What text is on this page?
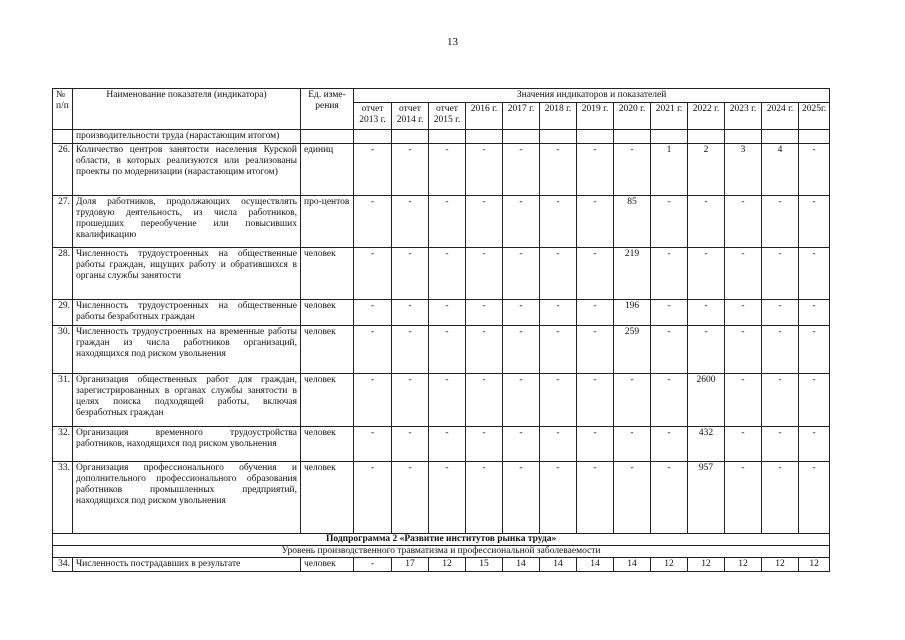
13
№ п/п	Наименование показателя (индикатора)	Ед. изме-рения	Значения индикаторов и показателей												
			отчет 2013 г.	отчет 2014 г.	отчет 2015 г.	2016 г.	2017 г.	2018 г.	2019 г.	2020 г.	2021 г.	2022 г.	2023 г.	2024 г.	2025г.
	производительности труда (нарастающим итогом)														
26.	Количество центров занятости населения Курской области, в которых реализуются или реализованы проекты по модернизации (нарастающим итогом)	единиц	-	-	-	-	-	-	-	-	1	2	3	4	-
27.	Доля работников, продолжающих осуществлять трудовую деятельность, из числа работников, прошедших переобучение или повысивших квалификацию	про-центов	-	-	-	-	-	-	-	85	-	-	-	-	-
28.	Численность трудоустроенных на общественные работы граждан, ищущих работу и обратившихся в органы службы занятости	человек	-	-	-	-	-	-	-	219	-	-	-	-	-
29.	Численность трудоустроенных на общественные работы безработных граждан	человек	-	-	-	-	-	-	-	196	-	-	-	-	-
30.	Численность трудоустроенных на временные работы граждан из числа работников организаций, находящихся под риском увольнения	человек	-	-	-	-	-	-	-	259	-	-	-	-	-
31.	Организация общественных работ для граждан, зарегистрированных в органах службы занятости в целях поиска подходящей работы, включая безработных граждан	человек	-	-	-	-	-	-	-	-	-	2600	-	-	-
32.	Организация временного трудоустройства работников, находящихся под риском увольнения	человек	-	-	-	-	-	-	-	-	-	432	-	-	-
33.	Организация профессионального обучения и дополнительного профессионального образования работников промышленных предприятий, находящихся под риском увольнения	человек	-	-	-	-	-	-	-	-	-	957	-	-	-
Подпрограмма 2 «Развитие институтов рынка труда»															
Уровень производственного травматизма и профессиональной заболеваемости															
34.	Численность пострадавших в результате	человек	-	17	12	15	14	14	14	14	12	12	12	12	12
